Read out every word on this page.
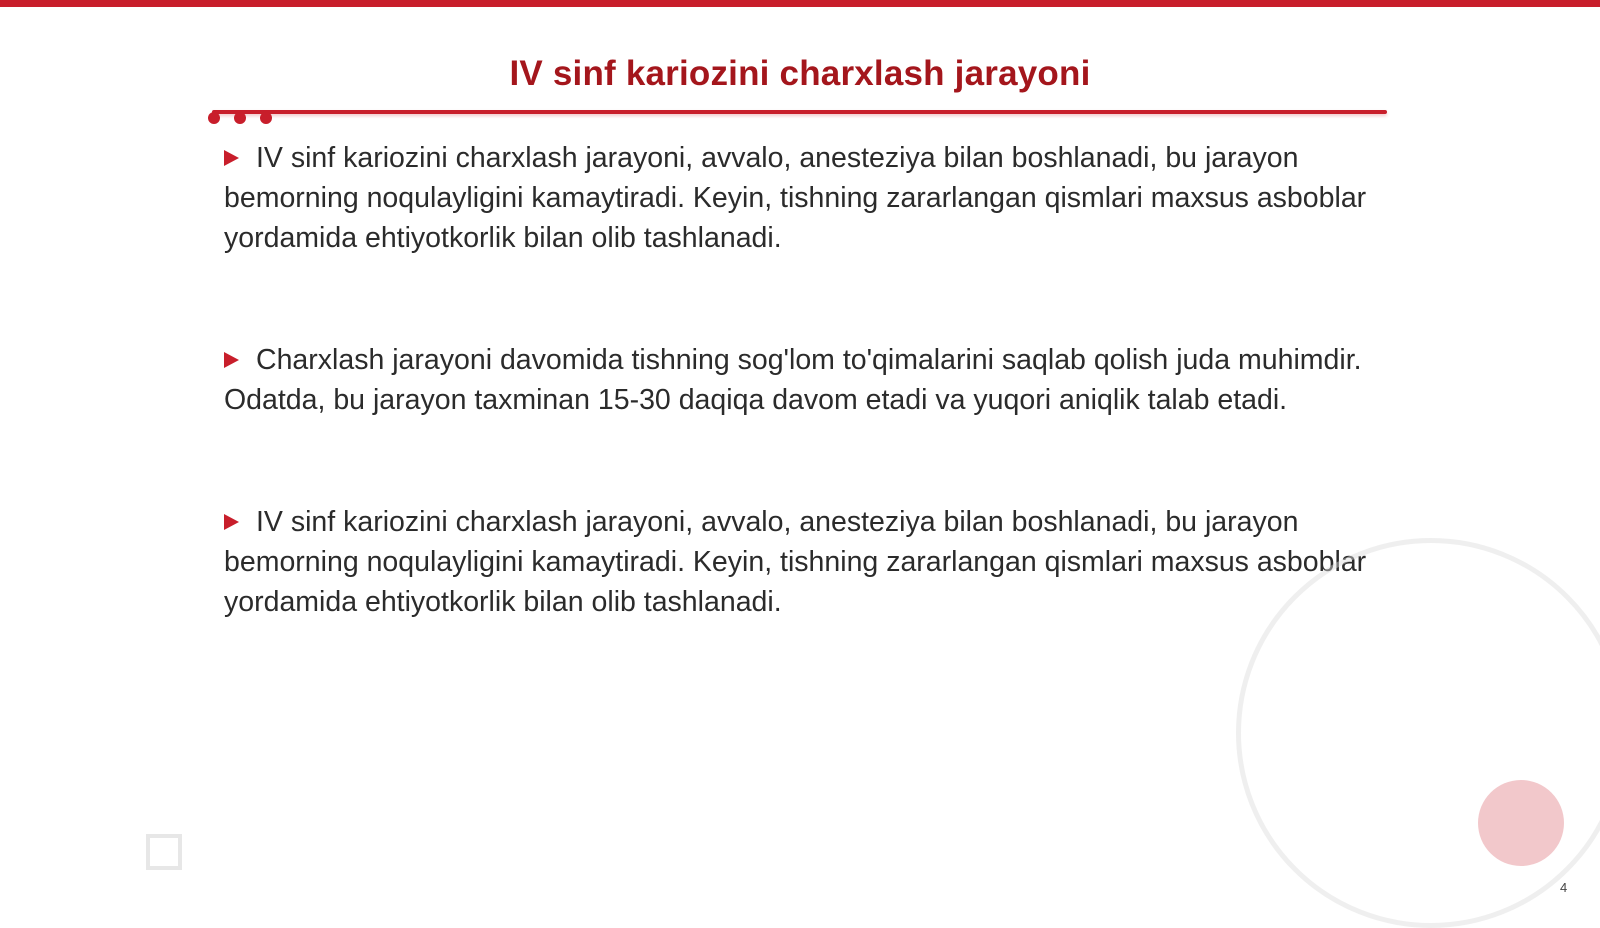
IV sinf kariozini charxlash jarayoni

IV sinf kariozini charxlash jarayoni, avvalo, anesteziya bilan boshlanadi, bu jarayon bemorning noqulayligini kamaytiradi. Keyin, tishning zararlangan qismlari maxsus asboblar yordamida ehtiyotkorlik bilan olib tashlanadi.

Charxlash jarayoni davomida tishning sog'lom to'qimalarini saqlab qolish juda muhimdir. Odatda, bu jarayon taxminan 15-30 daqiqa davom etadi va yuqori aniqlik talab etadi.

IV sinf kariozini charxlash jarayoni, avvalo, anesteziya bilan boshlanadi, bu jarayon bemorning noqulayligini kamaytiradi. Keyin, tishning zararlangan qismlari maxsus asboblar yordamida ehtiyotkorlik bilan olib tashlanadi.

4
